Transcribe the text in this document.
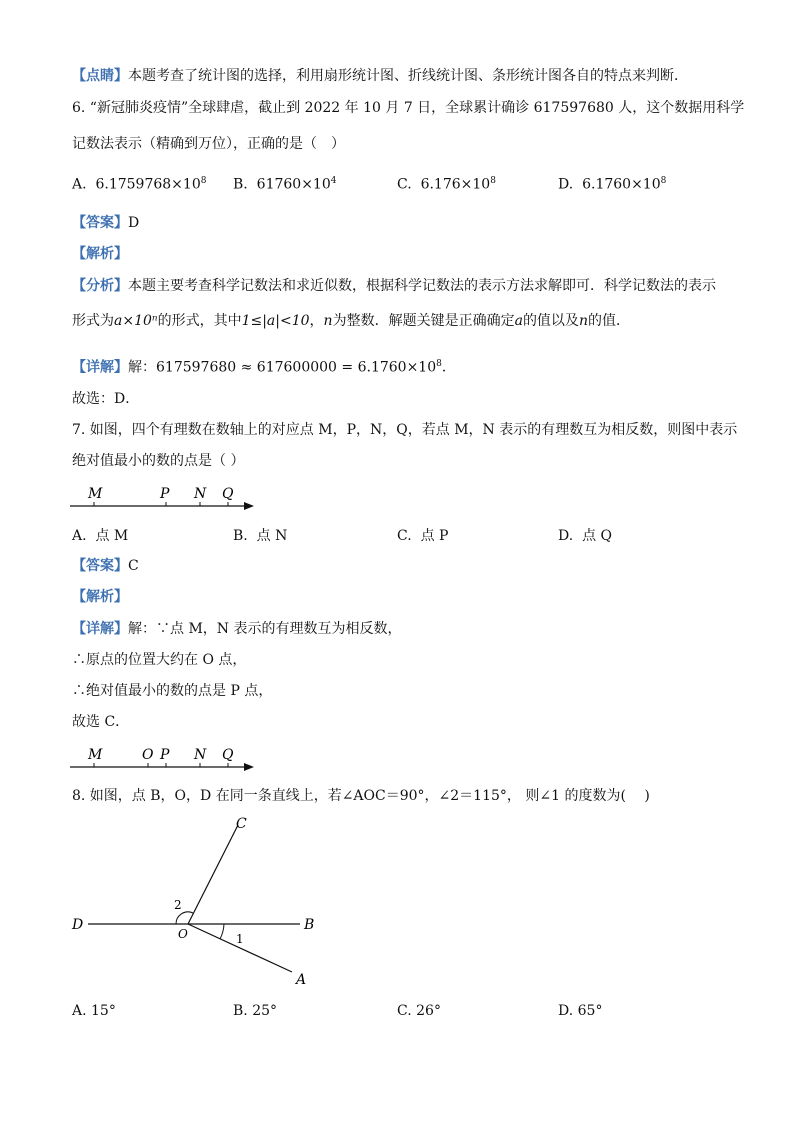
【点睛】本题考查了统计图的选择，利用扇形统计图、折线统计图、条形统计图各自的特点来判断．
6. “新冠肺炎疫情”全球肆虐，截止到 2022 年 10 月 7 日，全球累计确诊 617597680 人，这个数据用科学
记数法表示（精确到万位），正确的是（　）
A. $6.1759768\times 10^8$ B. $61760\times 10^4$	C. $6.176\times 10^8$	D. $6.1760\times 10^8$
【答案】D
【解析】
【分析】本题主要考查科学记数法和求近似数，根据科学记数法的表示方法求解即可．科学记数法的表示
形式为a×10ⁿ的形式，其中1≤|a|<10，n为整数．解题关键是正确确定a的值以及n的值．
【详解】解：$617597680 \approx 617600000 = 6.1760\times 10^8$．
故选：D．
7. 如图，四个有理数在数轴上的对应点 M，P，N，Q，若点 M，N 表示的有理数互为相反数，则图中表示
绝对值最小的数的点是（ ）
M	P N Q
A. 点 M	B. 点 N	C. 点 P	D. 点 Q
【答案】C
【解析】
【详解】解：∵点 M，N 表示的有理数互为相反数，
∴原点的位置大约在 O 点，
∴绝对值最小的数的点是 P 点，
故选 C．
M	O P N Q
8. 如图，点 B，O，D 在同一条直线上，若∠AOC＝90°，∠2＝115°， 则∠1 的度数为(　 )
C
D
O
B
A
1
2
A. 15°	B. 25°	C. 26°	D. 65°
